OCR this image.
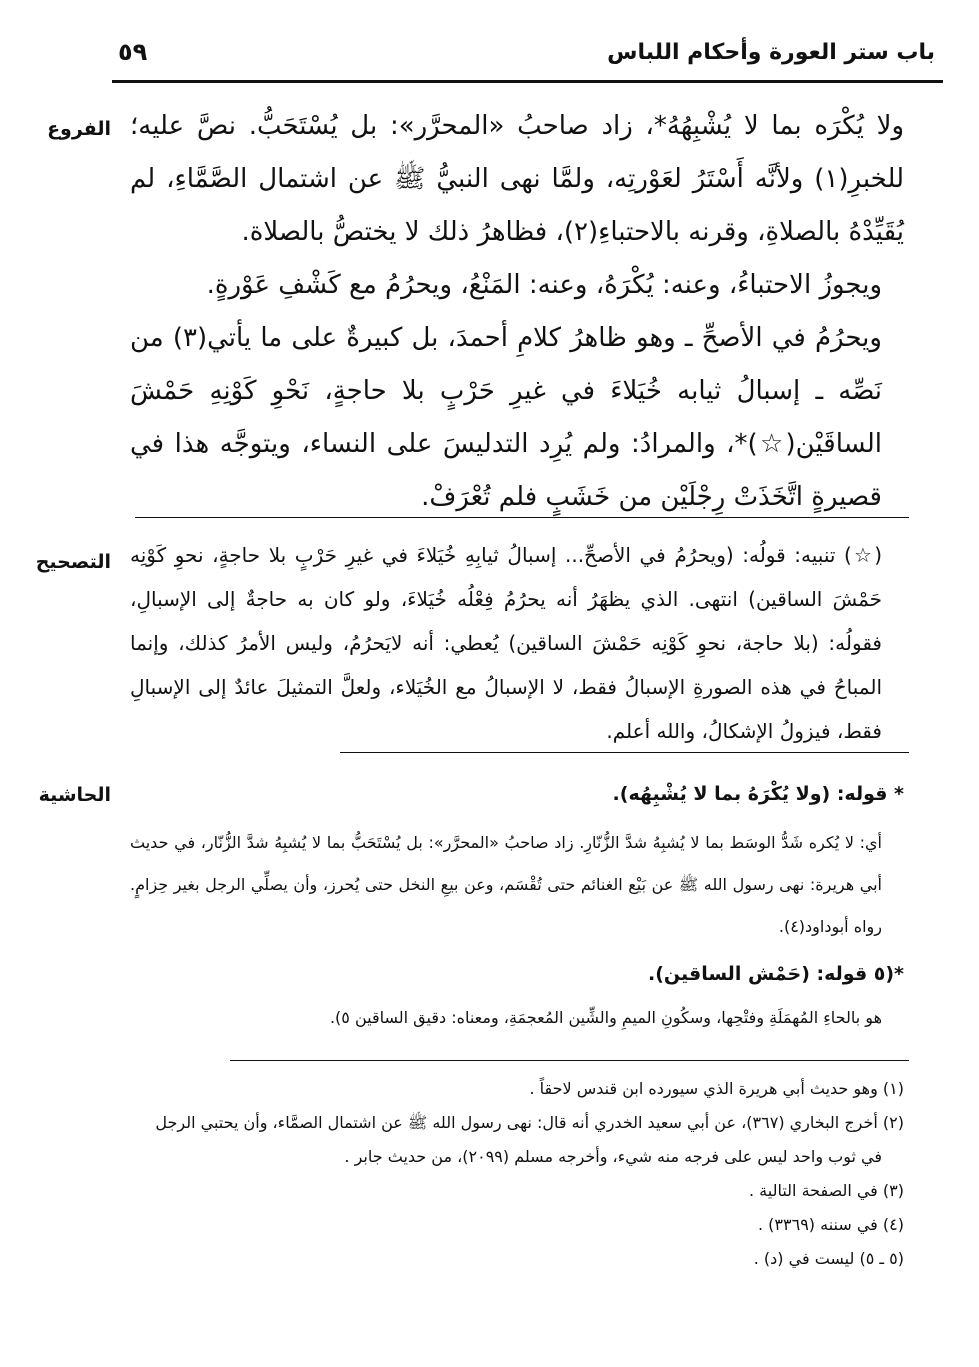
باب ستر العورة وأحكام اللباس
٥٩
الفروع
التصحيح
الحاشية

ولا يُكْرَه بما لا يُشْبِهُهُ*، زاد صاحبُ «المحرَّر»: بل يُسْتَحَبُّ. نصَّ عليه؛ للخبرِ(١) ولأنَّه أَسْتَرُ لعَوْرتِه، ولمَّا نهى النبيُّ ﷺ عن اشتمال الصَّمَّاءِ، لم يُقَيِّدْهُ بالصلاةِ، وقرنه بالاحتباءِ(٢)، فظاهرُ ذلك لا يختصُّ بالصلاة.

ويجوزُ الاحتباءُ، وعنه: يُكْرَهُ، وعنه: المَنْعُ، ويحرُمُ مع كَشْفِ عَوْرةٍ.

ويحرُمُ في الأصحِّ ـ وهو ظاهرُ كلامِ أحمدَ، بل كبيرةٌ على ما يأتي(٣) من نَصِّه ـ إسبالُ ثيابه خُيَلاءَ في غيرِ حَرْبٍ بلا حاجةٍ، نَحْوِ كَوْنِهِ حَمْشَ الساقَيْن(☆)*، والمرادُ: ولم يُرِد التدليسَ على النساء، ويتوجَّه هذا في قصيرةٍ اتَّخَذَتْ رِجْلَيْن من خَشَبٍ فلم تُعْرَفْ.

(☆) تنبيه: قولُه: (ويحرُمُ في الأصحِّ... إسبالُ ثيابِهِ خُيَلاءَ في غيرِ حَرْبٍ بلا حاجةٍ، نحوِ كَوْنِه حَمْشَ الساقين) انتهى. الذي يظهَرُ أنه يحرُمُ فِعْلُه خُيَلاءَ، ولو كان به حاجةٌ إلى الإسبالِ، فقولُه: (بلا حاجة، نحوِ كَوْنِه حَمْشَ الساقين) يُعطي: أنه لايَحرُمُ، وليس الأمرُ كذلك، وإنما المباحُ في هذه الصورةِ الإسبالُ فقط، لا الإسبالُ مع الخُيَلاء، ولعلَّ التمثيلَ عائدٌ إلى الإسبالِ فقط، فيزولُ الإشكالُ، والله أعلم.

* قوله: (ولا يُكْرَهُ بما لا يُشْبِهُه).

أي: لا يُكره شَدُّ الوسَط بما لا يُشبِهُ شدَّ الزُّنّارِ. زاد صاحبُ «المحرَّر»: بل يُسْتَحَبُّ بما لا يُشبِهُ شدَّ الزُّنّار، في حديث أبي هريرة: نهى رسول الله ﷺ عن بَيْع الغنائم حتى تُقْسَم، وعن بيعِ النخل حتى يُحرز، وأن يصلِّي الرجل بغير حِزامٍ. رواه أبوداود(٤).

*(٥ قوله: (حَمْش الساقين).

هو بالحاءِ المُهمَلَةِ وفتْحِها، وسكُونِ الميمِ والشِّين المُعجمَةِ، ومعناه: دقيق الساقين ٥).

(١) وهو حديث أبي هريرة الذي سيورده ابن قندس لاحقاً .
(٢) أخرج البخاري (٣٦٧)، عن أبي سعيد الخدري أنه قال: نهى رسول الله ﷺ عن اشتمال الصمَّاء، وأن يحتبي الرجل
في ثوب واحد ليس على فرجه منه شيء، وأخرجه مسلم (٢٠٩٩)، من حديث جابر .
(٣) في الصفحة التالية .
(٤) في سننه (٣٣٦٩) .
(٥ ـ ٥) ليست في (د) .
